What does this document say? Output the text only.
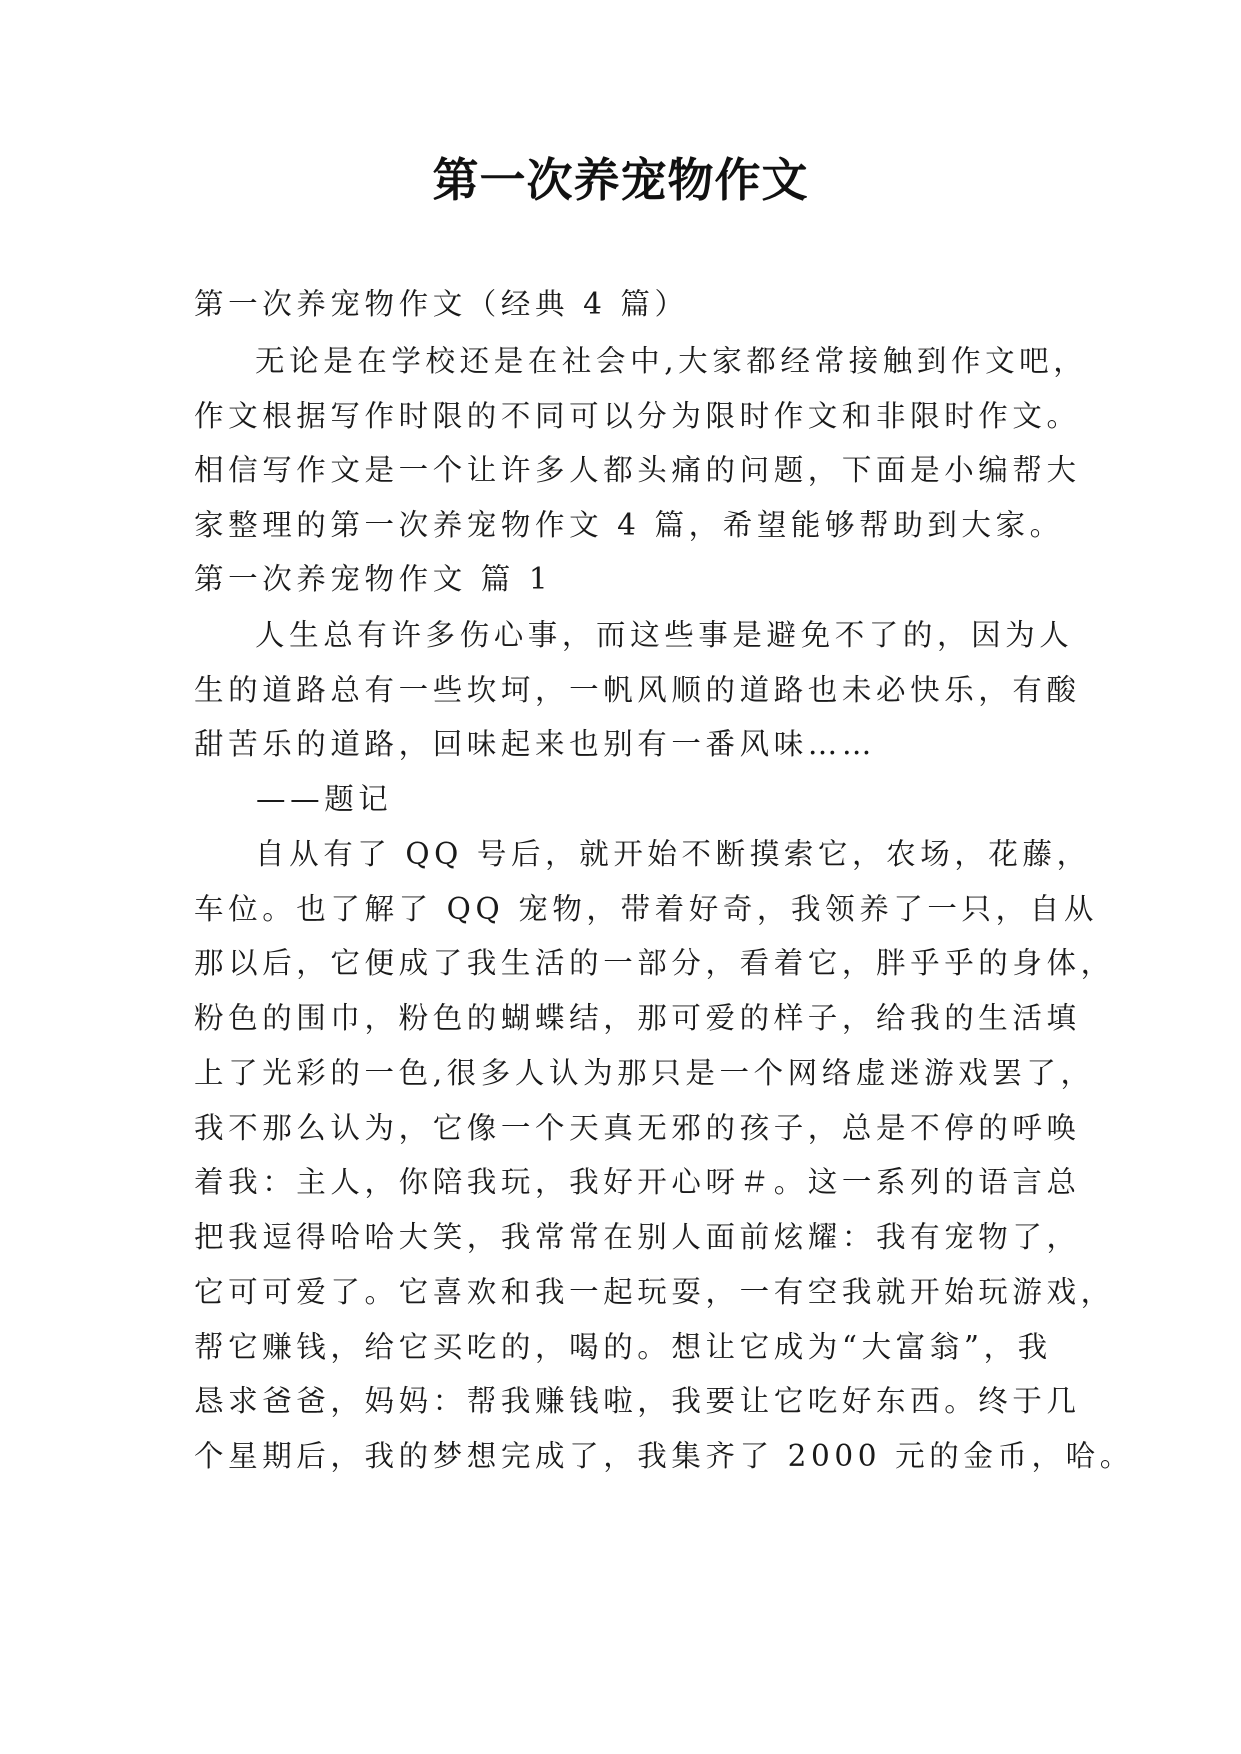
第一次养宠物作文

第一次养宠物作文（经典 4 篇）

无论是在学校还是在社会中,大家都经常接触到作文吧，

作文根据写作时限的不同可以分为限时作文和非限时作文。

相信写作文是一个让许多人都头痛的问题，下面是小编帮大

家整理的第一次养宠物作文 4 篇，希望能够帮助到大家。

第一次养宠物作文 篇 1

人生总有许多伤心事，而这些事是避免不了的，因为人

生的道路总有一些坎坷，一帆风顺的道路也未必快乐，有酸

甜苦乐的道路，回味起来也别有一番风味……

——题记

自从有了 QQ 号后，就开始不断摸索它，农场，花藤，

车位。也了解了 QQ 宠物，带着好奇，我领养了一只，自从

那以后，它便成了我生活的一部分，看着它，胖乎乎的身体，

粉色的围巾，粉色的蝴蝶结，那可爱的样子，给我的生活填

上了光彩的一色,很多人认为那只是一个网络虚迷游戏罢了，

我不那么认为，它像一个天真无邪的孩子，总是不停的呼唤

着我：主人，你陪我玩，我好开心呀＃。这一系列的语言总

把我逗得哈哈大笑，我常常在别人面前炫耀：我有宠物了，

它可可爱了。它喜欢和我一起玩耍，一有空我就开始玩游戏，

帮它赚钱，给它买吃的，喝的。想让它成为“大富翁”，我

恳求爸爸，妈妈：帮我赚钱啦，我要让它吃好东西。终于几

个星期后，我的梦想完成了，我集齐了 2000 元的金币，哈。
